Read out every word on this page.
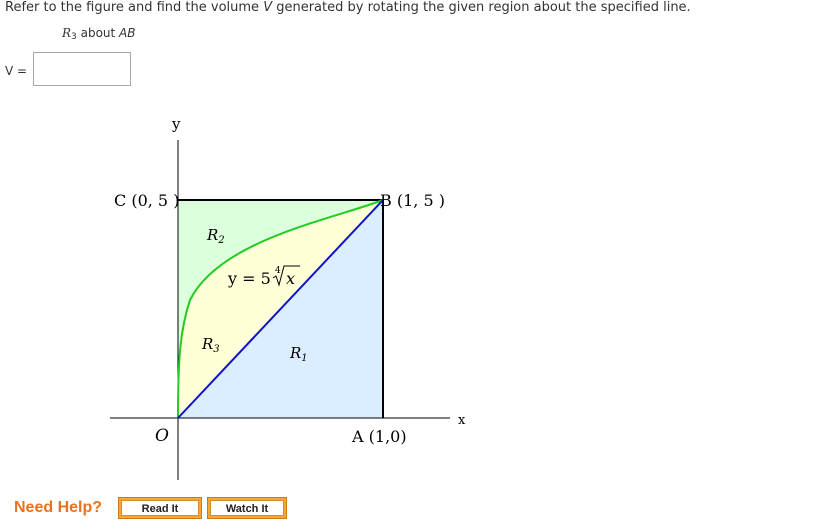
Refer to the figure and find the volume V generated by rotating the given region about the specified line.
$R_3$ about AB
V =
y
x
O
C (0, 5 )	B (1, 5 )
A (1,0)
$R_2$
$R_3$	$R_1$
y = 5 4 x
Need Help?	Read It	Watch It
